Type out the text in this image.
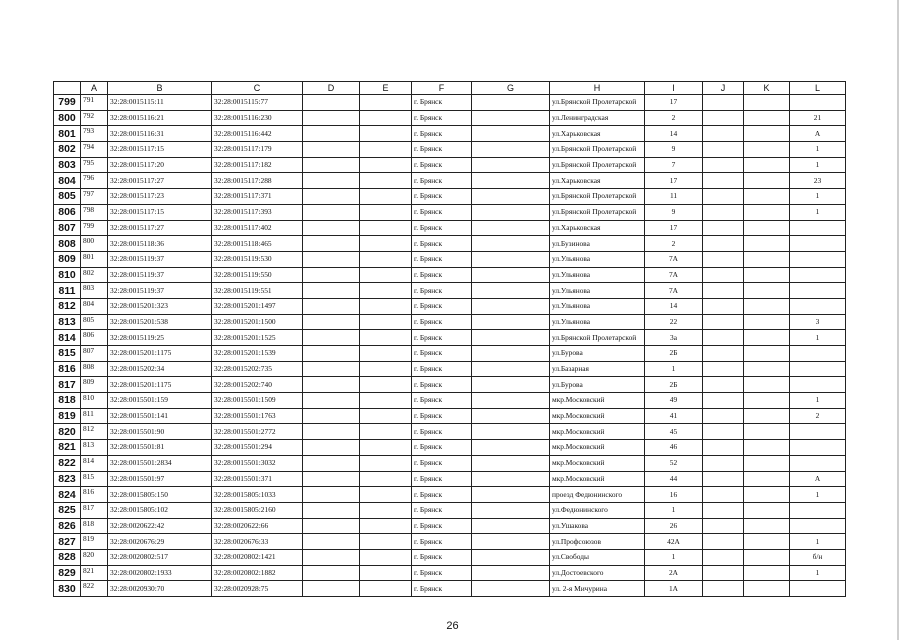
	A	B	C	D	E	F	G	H	I	J	K	L
799	791	32:28:0015115:11	32:28:0015115:77			г. Брянск		ул.Брянской Пролетарской	17			
800	792	32:28:0015116:21	32:28:0015116:230			г. Брянск		ул.Ленинградская	2			21
801	793	32:28:0015116:31	32:28:0015116:442			г. Брянск		ул.Харьковская	14			А
802	794	32:28:0015117:15	32:28:0015117:179			г. Брянск		ул.Брянской Пролетарской	9			1
803	795	32:28:0015117:20	32:28:0015117:182			г. Брянск		ул.Брянской Пролетарской	7			1
804	796	32:28:0015117:27	32:28:0015117:288			г. Брянск		ул.Харьковская	17			23
805	797	32:28:0015117:23	32:28:0015117:371			г. Брянск		ул.Брянской Пролетарской	11			1
806	798	32:28:0015117:15	32:28:0015117:393			г. Брянск		ул.Брянской Пролетарской	9			1
807	799	32:28:0015117:27	32:28:0015117:402			г. Брянск		ул.Харьковская	17			
808	800	32:28:0015118:36	32:28:0015118:465			г. Брянск		ул.Бузинова	2			
809	801	32:28:0015119:37	32:28:0015119:530			г. Брянск		ул.Ульянова	7А			
810	802	32:28:0015119:37	32:28:0015119:550			г. Брянск		ул.Ульянова	7А			
811	803	32:28:0015119:37	32:28:0015119:551			г. Брянск		ул.Ульянова	7А			
812	804	32:28:0015201:323	32:28:0015201:1497			г. Брянск		ул.Ульянова	14			
813	805	32:28:0015201:538	32:28:0015201:1500			г. Брянск		ул.Ульянова	22			3
814	806	32:28:0015119:25	32:28:0015201:1525			г. Брянск		ул.Брянской Пролетарской	3а			1
815	807	32:28:0015201:1175	32:28:0015201:1539			г. Брянск		ул.Бурова	2Б			
816	808	32:28:0015202:34	32:28:0015202:735			г. Брянск		ул.Базарная	1			
817	809	32:28:0015201:1175	32:28:0015202:740			г. Брянск		ул.Бурова	2Б			
818	810	32:28:0015501:159	32:28:0015501:1509			г. Брянск		мкр.Московский	49			1
819	811	32:28:0015501:141	32:28:0015501:1763			г. Брянск		мкр.Московский	41			2
820	812	32:28:0015501:90	32:28:0015501:2772			г. Брянск		мкр.Московский	45			
821	813	32:28:0015501:81	32:28:0015501:294			г. Брянск		мкр.Московский	46			
822	814	32:28:0015501:2834	32:28:0015501:3032			г. Брянск		мкр.Московский	52			
823	815	32:28:0015501:97	32:28:0015501:371			г. Брянск		мкр.Московский	44			А
824	816	32:28:0015805:150	32:28:0015805:1033			г. Брянск		проезд Федюнинского	16			1
825	817	32:28:0015805:102	32:28:0015805:2160			г. Брянск		ул.Федюнинского	1			
826	818	32:28:0020622:42	32:28:0020622:66			г. Брянск		ул.Ушакова	26			
827	819	32:28:0020676:29	32:28:0020676:33			г. Брянск		ул.Профсоюзов	42А			1
828	820	32:28:0020802:517	32:28:0020802:1421			г. Брянск		ул.Свободы	1			б/н
829	821	32:28:0020802:1933	32:28:0020802:1882			г. Брянск		ул.Достоевского	2А			1
830	822	32:28:0020930:70	32:28:0020928:75			г. Брянск		ул. 2-я Мичурина	1А			
26
